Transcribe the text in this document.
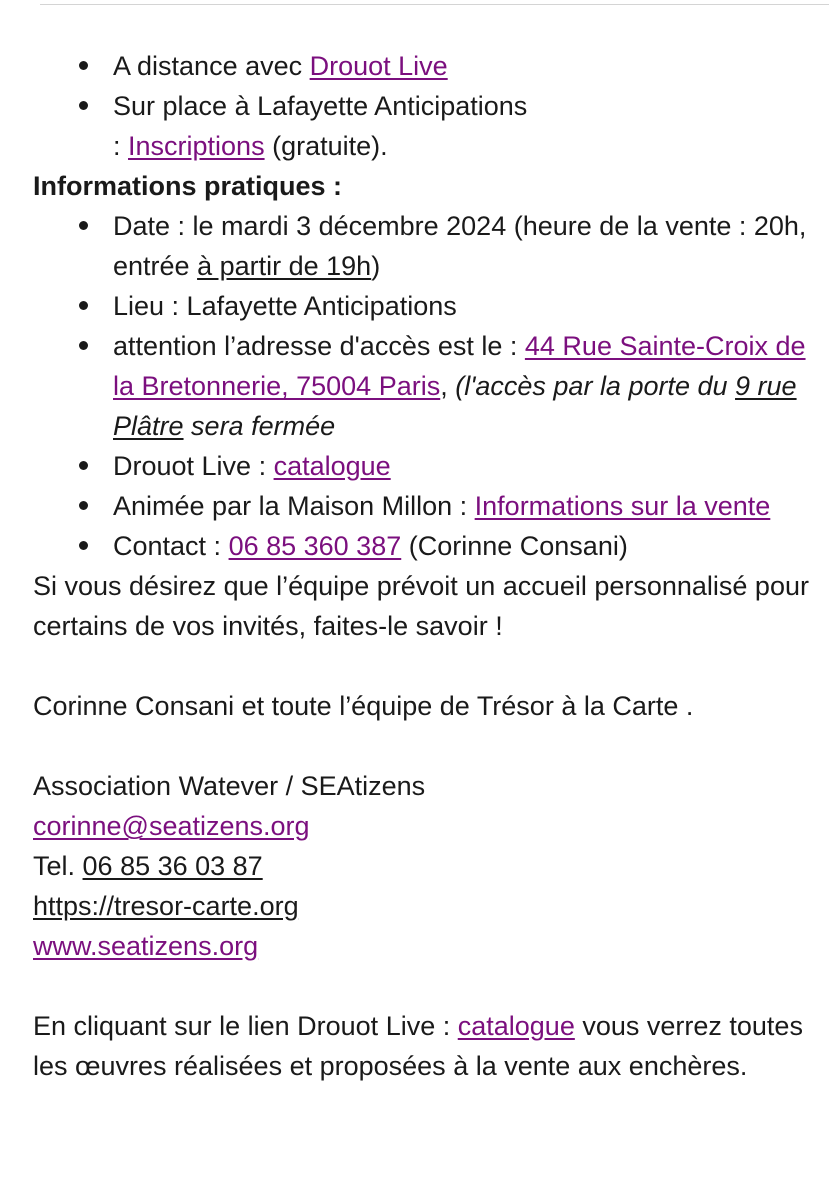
A distance avec Drouot Live
Sur place à Lafayette Anticipations
: Inscriptions (gratuite).

Informations pratiques :

Date : le mardi 3 décembre 2024 (heure de la vente : 20h, entrée à partir de 19h)
Lieu : Lafayette Anticipations
attention l’adresse d'accès est le : 44 Rue Sainte-Croix de la Bretonnerie, 75004 Paris, (l'accès par la porte du 9 rue Plâtre sera fermée
Drouot Live : catalogue
Animée par la Maison Millon : Informations sur la vente
Contact : 06 85 360 387 (Corinne Consani)

Si vous désirez que l’équipe prévoit un accueil personnalisé pour certains de vos invités, faites-le savoir !

Corinne Consani et toute l’équipe de Trésor à la Carte .

Association Watever / SEAtizens

corinne@seatizens.org

Tel. 06 85 36 03 87

https://tresor-carte.org

www.seatizens.org

En cliquant sur le lien Drouot Live : catalogue vous verrez toutes les œuvres réalisées et proposées à la vente aux enchères.
